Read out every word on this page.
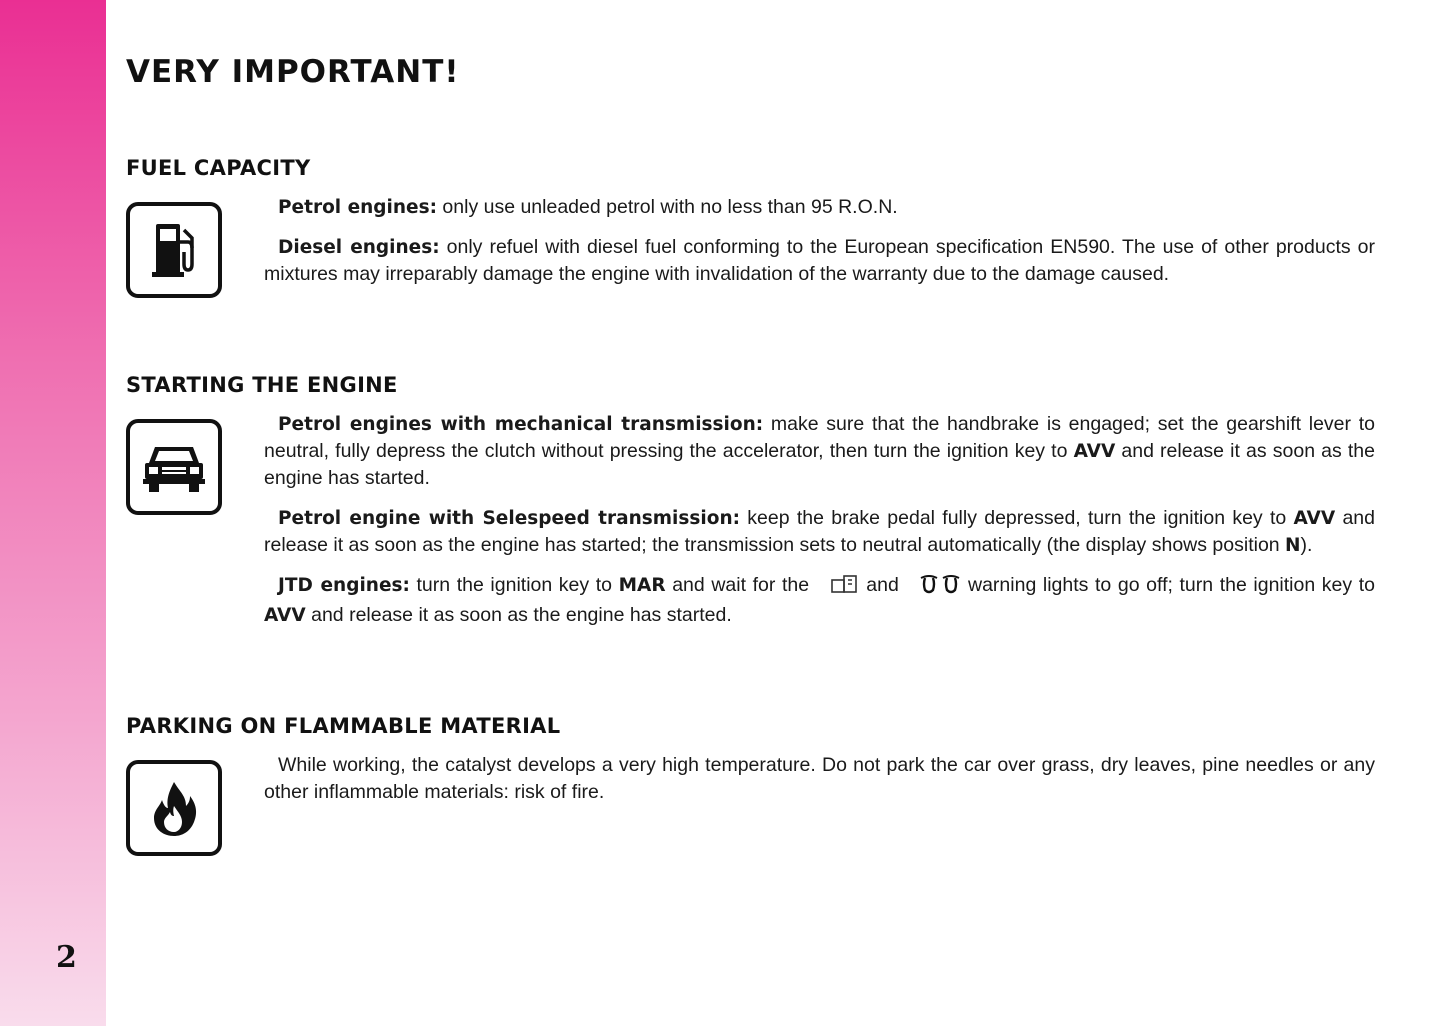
2
VERY IMPORTANT!
FUEL CAPACITY

Petrol engines: only use unleaded petrol with no less than 95 R.O.N.

Diesel engines: only refuel with diesel fuel conforming to the European specification EN590. The use of other products or mixtures may irreparably damage the engine with invalidation of the warranty due to the damage caused.

STARTING THE ENGINE

Petrol engines with mechanical transmission: make sure that the handbrake is engaged; set the gearshift lever to neutral, fully depress the clutch without pressing the accelerator, then turn the ignition key to AVV and release it as soon as the engine has started.

Petrol engine with Selespeed transmission: keep the brake pedal fully depressed, turn the ignition key to AVV and release it as soon as the engine has started; the transmission sets to neutral automatically (the display shows position N).

JTD engines: turn the ignition key to MAR and wait for the  and	warning lights to go off; turn the ignition key to AVV and release it as soon as the engine has started.

PARKING ON FLAMMABLE MATERIAL

While working, the catalyst develops a very high temperature. Do not park the car over grass, dry leaves, pine needles or any other inflammable materials: risk of fire.
